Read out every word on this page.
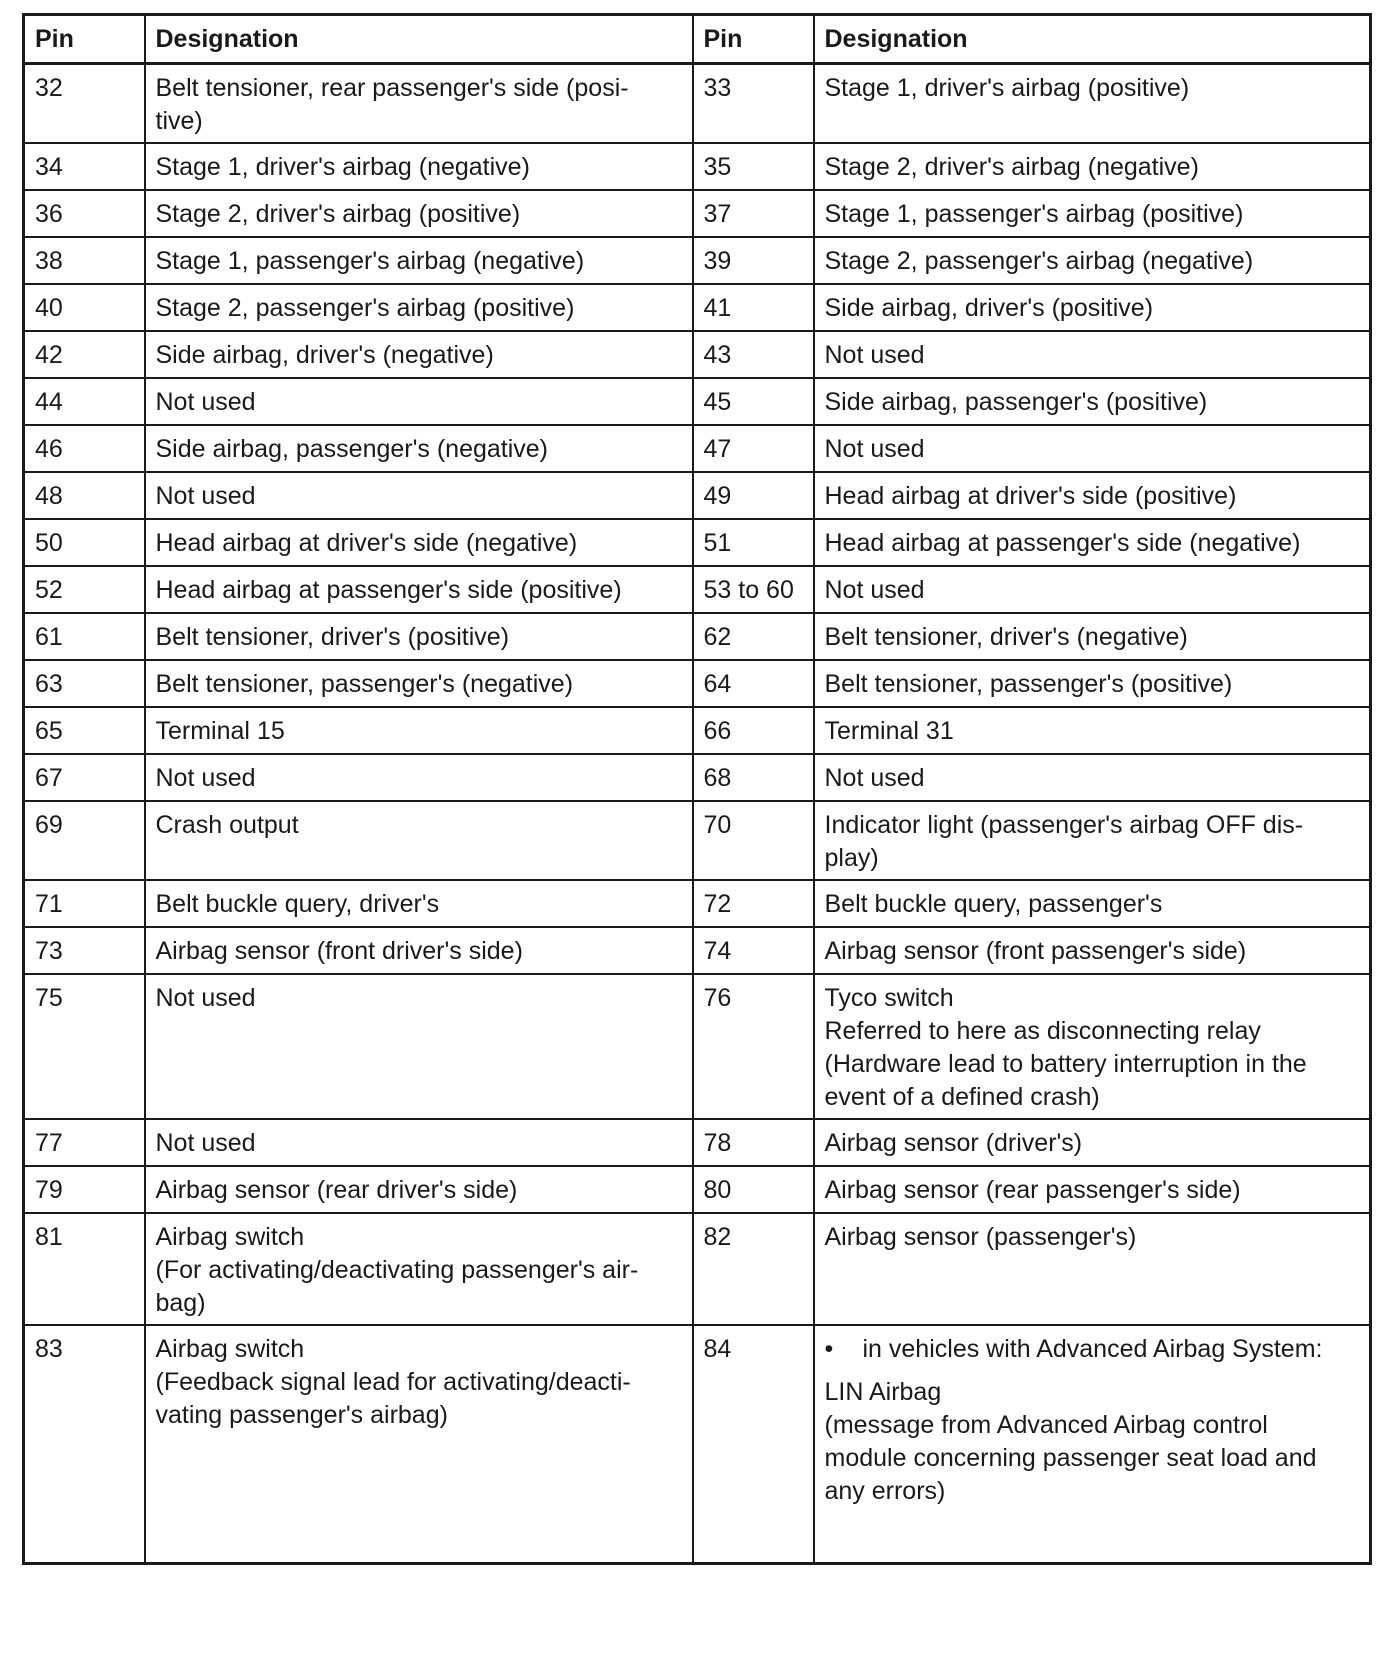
Pin	Designation	Pin	Designation
32	Belt tensioner, rear passenger's side (posi-
tive)	33	Stage 1, driver's airbag (positive)

34	Stage 1, driver's airbag (negative)	35	Stage 2, driver's airbag (negative)

36	Stage 2, driver's airbag (positive)	37	Stage 1, passenger's airbag (positive)

38	Stage 1, passenger's airbag (negative)	39	Stage 2, passenger's airbag (negative)

40	Stage 2, passenger's airbag (positive)	41	Side airbag, driver's (positive)

42	Side airbag, driver's (negative)	43	Not used

44	Not used	45	Side airbag, passenger's (positive)

46	Side airbag, passenger's (negative)	47	Not used

48	Not used	49	Head airbag at driver's side (positive)

50	Head airbag at driver's side (negative)	51	Head airbag at passenger's side (negative)

52	Head airbag at passenger's side (positive)	53 to 60	Not used

61	Belt tensioner, driver's (positive)	62	Belt tensioner, driver's (negative)

63	Belt tensioner, passenger's (negative)	64	Belt tensioner, passenger's (positive)

65	Terminal 15	66	Terminal 31

67	Not used	68	Not used

69	Crash output	70	Indicator light (passenger's airbag OFF dis-
play)

71	Belt buckle query, driver's	72	Belt buckle query, passenger's

73	Airbag sensor (front driver's side)	74	Airbag sensor (front passenger's side)

75	Not used	76	Tyco switch
Referred to here as disconnecting relay
(Hardware lead to battery interruption in the
event of a defined crash)

77	Not used	78	Airbag sensor (driver's)

79	Airbag sensor (rear driver's side)	80	Airbag sensor (rear passenger's side)

81	Airbag switch
(For activating/deactivating passenger's air-
bag)	82	Airbag sensor (passenger's)

83	Airbag switch
(Feedback signal lead for activating/deacti-
vating passenger's airbag)	84	• in vehicles with Advanced Airbag System:
LIN Airbag
(message from Advanced Airbag control
module concerning passenger seat load and
any errors)
